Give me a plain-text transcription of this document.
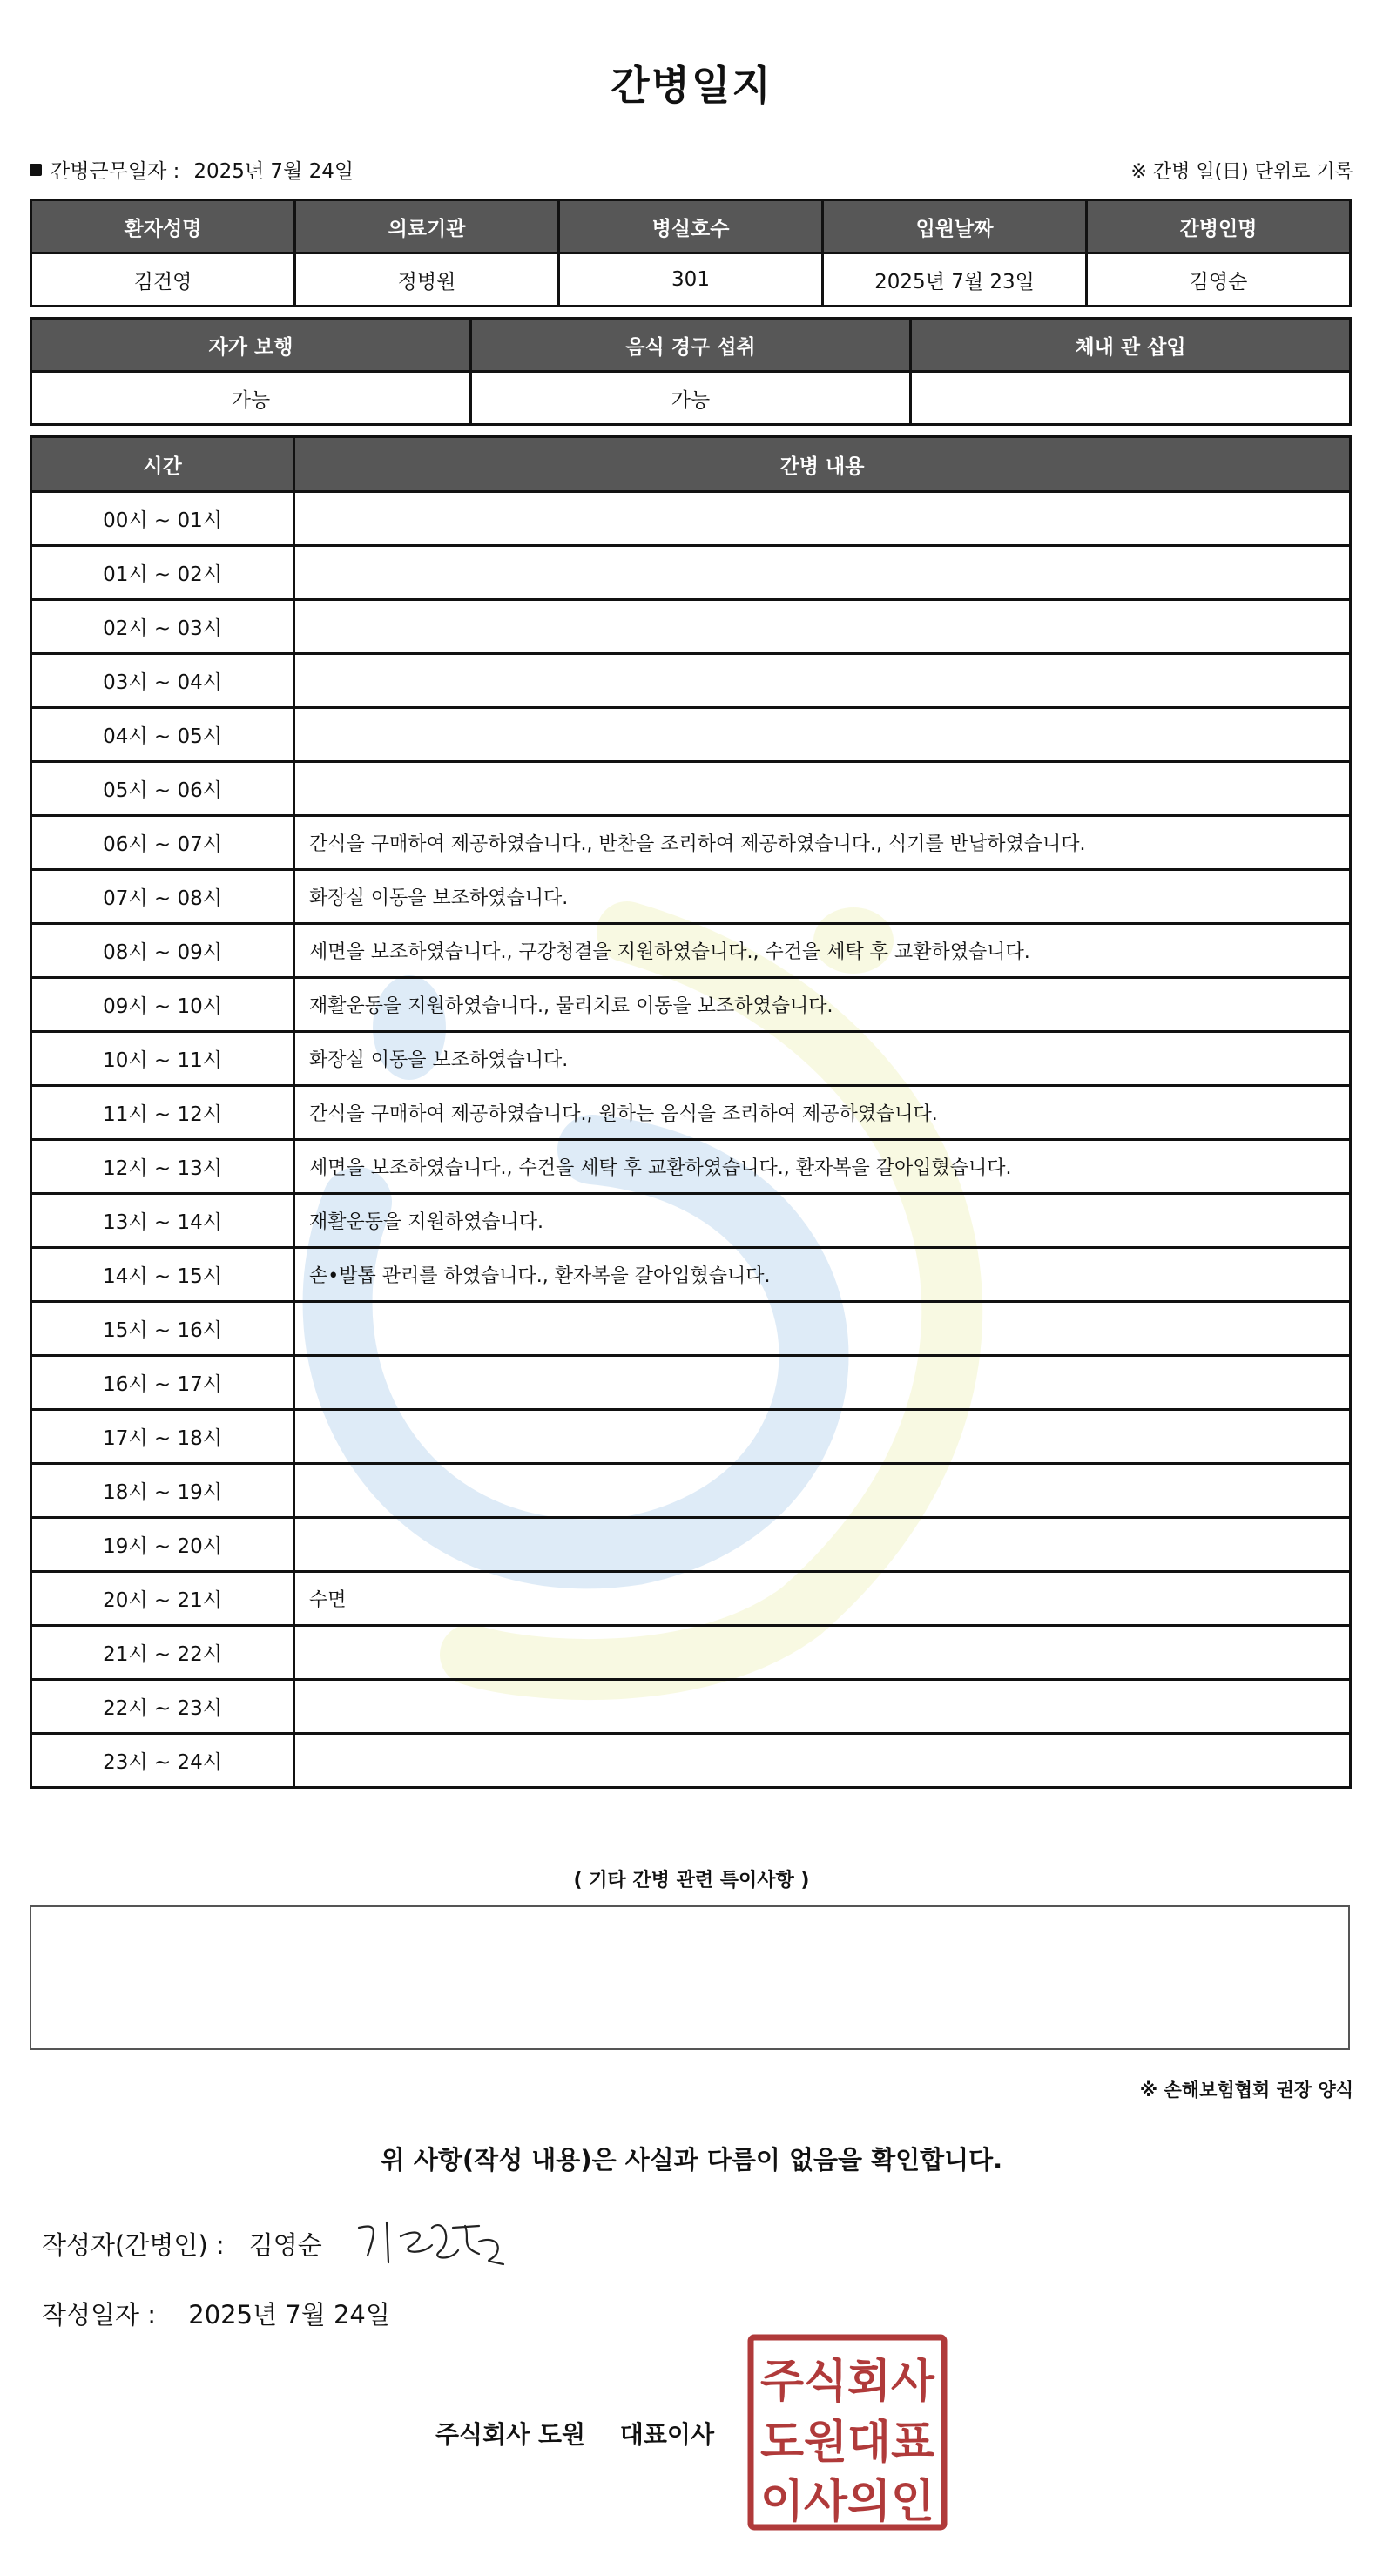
간병일지
간병근무일자 : 2025년 7월 24일	※ 간병 일(日) 단위로 기록
환자성명	의료기관	병실호수	입원날짜	간병인명
김건영	정병원	301	2025년 7월 23일	김영순
자가 보행	음식 경구 섭취	체내 관 삽입
가능	가능	
시간	간병 내용
00시 ~ 01시	
01시 ~ 02시	
02시 ~ 03시	
03시 ~ 04시	
04시 ~ 05시	
05시 ~ 06시	
06시 ~ 07시	간식을 구매하여 제공하였습니다., 반찬을 조리하여 제공하였습니다., 식기를 반납하였습니다.
07시 ~ 08시	화장실 이동을 보조하였습니다.
08시 ~ 09시	세면을 보조하였습니다., 구강청결을 지원하였습니다., 수건을 세탁 후 교환하였습니다.
09시 ~ 10시	재활운동을 지원하였습니다., 물리치료 이동을 보조하였습니다.
10시 ~ 11시	화장실 이동을 보조하였습니다.
11시 ~ 12시	간식을 구매하여 제공하였습니다., 원하는 음식을 조리하여 제공하였습니다.
12시 ~ 13시	세면을 보조하였습니다., 수건을 세탁 후 교환하였습니다., 환자복을 갈아입혔습니다.
13시 ~ 14시	재활운동을 지원하였습니다.
14시 ~ 15시	손•발톱 관리를 하였습니다., 환자복을 갈아입혔습니다.
15시 ~ 16시	
16시 ~ 17시	
17시 ~ 18시	
18시 ~ 19시	
19시 ~ 20시	
20시 ~ 21시	수면
21시 ~ 22시	
22시 ~ 23시	
23시 ~ 24시	
( 기타 간병 관련 특이사항 )
※ 손해보험협회 권장 양식
위 사항(작성 내용)은 사실과 다름이 없음을 확인합니다.
작성자(간병인) : 김영순
작성일자 : 2025년 7월 24일
주식회사 도원 대표이사
주식회사
도원대표
이사의인
